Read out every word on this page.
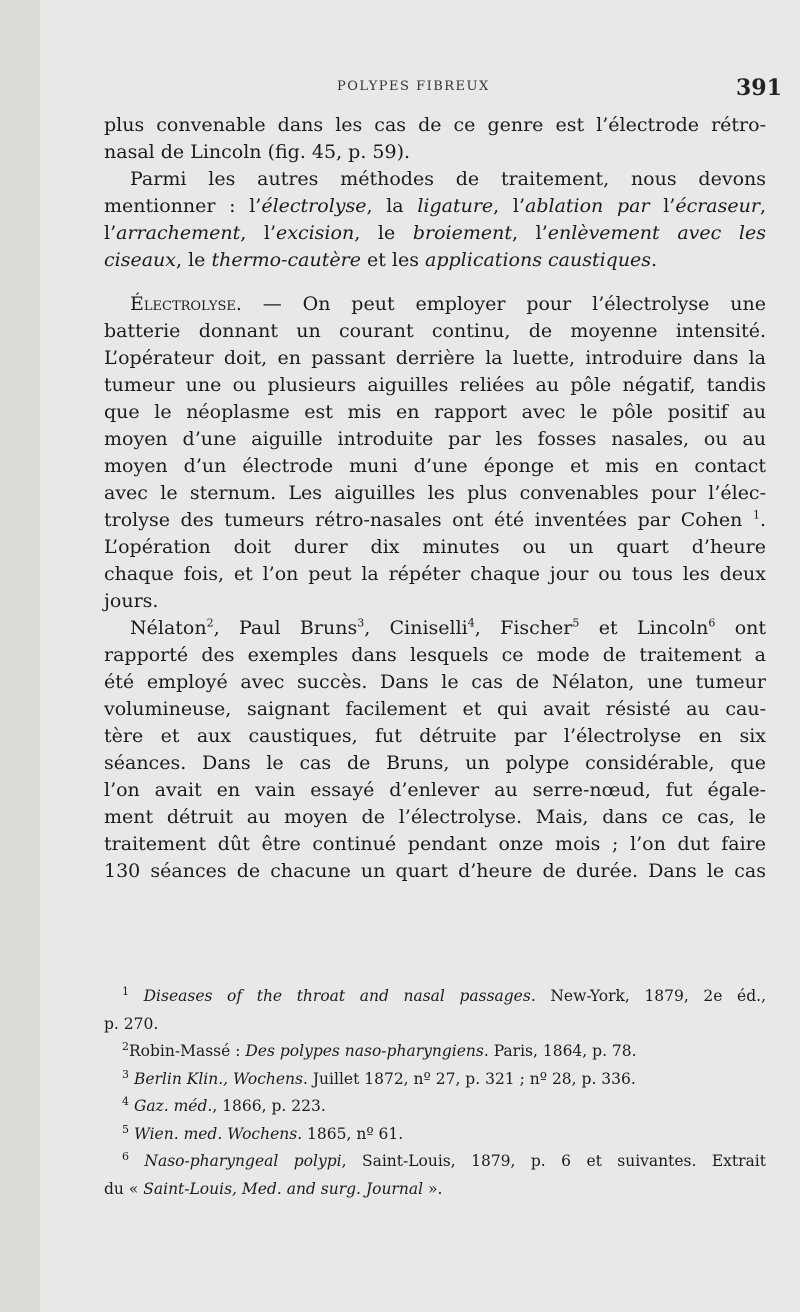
POLYPES FIBREUX	391
plus convenable dans les cas de ce genre est l’électrode rétro-
nasal de Lincoln (fig. 45, p. 59).
Parmi les autres méthodes de traitement, nous devons
mentionner : l’électrolyse, la ligature, l’ablation par l’écraseur,
l’arrachement, l’excision, le broiement, l’enlèvement avec les
ciseaux, le thermo-cautère et les applications caustiques.
Électrolyse. — On peut employer pour l’électrolyse une
batterie donnant un courant continu, de moyenne intensité.
L’opérateur doit, en passant derrière la luette, introduire dans la
tumeur une ou plusieurs aiguilles reliées au pôle négatif, tandis
que le néoplasme est mis en rapport avec le pôle positif au
moyen d’une aiguille introduite par les fosses nasales, ou au
moyen d’un électrode muni d’une éponge et mis en contact
avec le sternum. Les aiguilles les plus convenables pour l’élec-
trolyse des tumeurs rétro-nasales ont été inventées par Cohen $^1$.
L’opération doit durer dix minutes ou un quart d’heure
chaque fois, et l’on peut la répéter chaque jour ou tous les deux
jours.
Nélaton$^2$, Paul Bruns$^3$, Ciniselli$^4$, Fischer$^5$ et Lincoln$^6$ ont
rapporté des exemples dans lesquels ce mode de traitement a
été employé avec succès. Dans le cas de Nélaton, une tumeur
volumineuse, saignant facilement et qui avait résisté au cau-
tère et aux caustiques, fut détruite par l’électrolyse en six
séances. Dans le cas de Bruns, un polype considérable, que
l’on avait en vain essayé d’enlever au serre-nœud, fut égale-
ment détruit au moyen de l’électrolyse. Mais, dans ce cas, le
traitement dût être continué pendant onze mois ; l’on dut faire
130 séances de chacune un quart d’heure de durée. Dans le cas
$^1$ Diseases of the throat and nasal passages. New-York, 1879, 2e éd.,
p. 270.
$^2$Robin-Massé : Des polypes naso-pharyngiens. Paris, 1864, p. 78.
$^3$ Berlin Klin., Wochens. Juillet 1872, nº 27, p. 321 ; nº 28, p. 336.
$^4$ Gaz. méd., 1866, p. 223.
$^5$ Wien. med. Wochens. 1865, nº 61.
$^6$ Naso-pharyngeal polypi, Saint-Louis, 1879, p. 6 et suivantes. Extrait
du « Saint-Louis, Med. and surg. Journal ».
